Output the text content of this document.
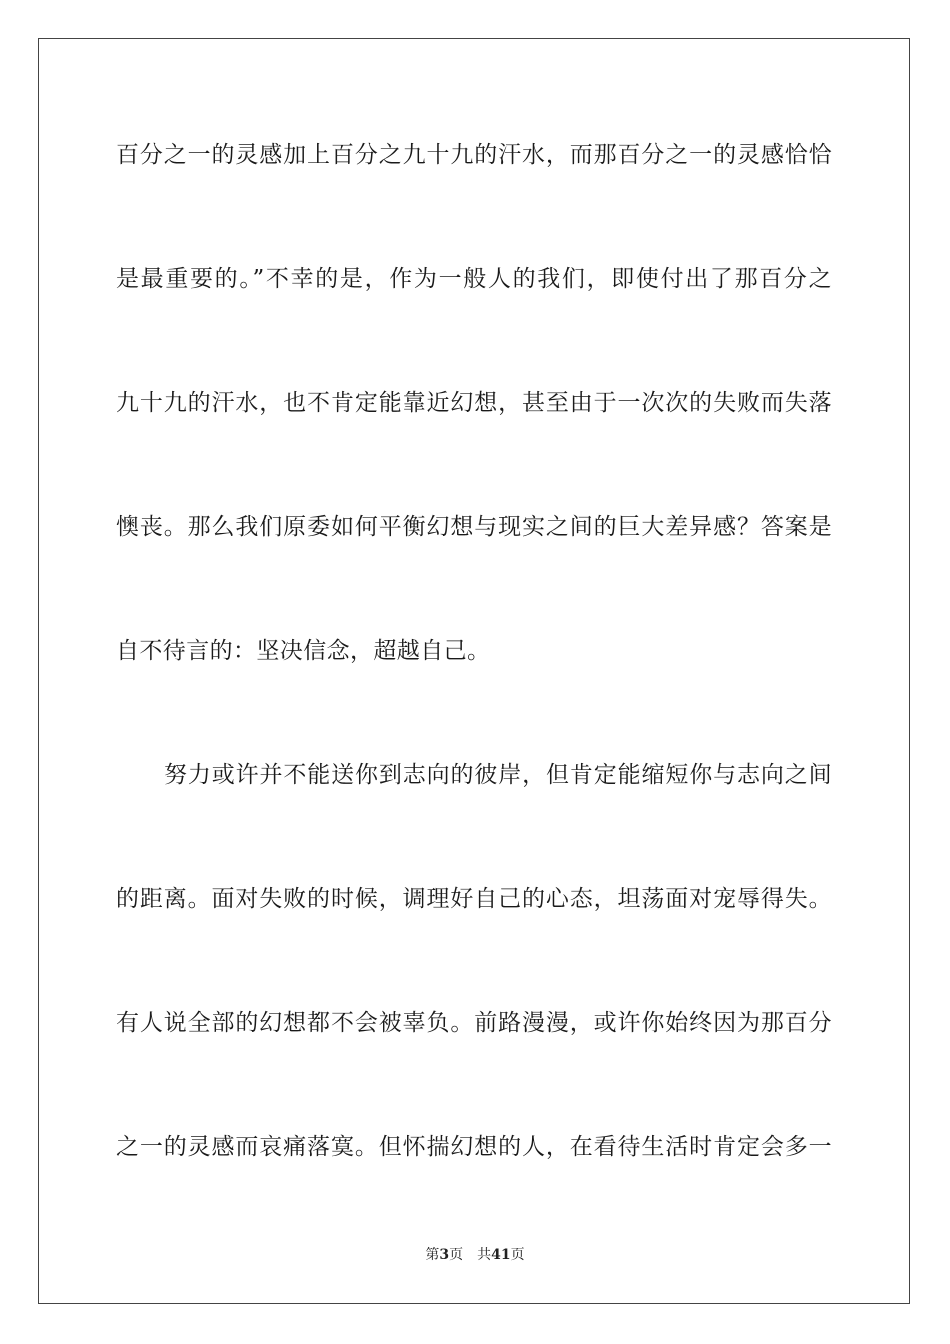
百分之一的灵感加上百分之九十九的汗水，而那百分之一的灵感恰恰
是最重要的。”不幸的是，作为一般人的我们，即使付出了那百分之
九十九的汗水，也不肯定能靠近幻想，甚至由于一次次的失败而失落
懊丧。那么我们原委如何平衡幻想与现实之间的巨大差异感？答案是
自不待言的：坚决信念，超越自己。
努力或许并不能送你到志向的彼岸，但肯定能缩短你与志向之间
的距离。面对失败的时候，调理好自己的心态，坦荡面对宠辱得失。
有人说全部的幻想都不会被辜负。前路漫漫，或许你始终因为那百分
之一的灵感而哀痛落寞。但怀揣幻想的人，在看待生活时肯定会多一
第3页 共41页
